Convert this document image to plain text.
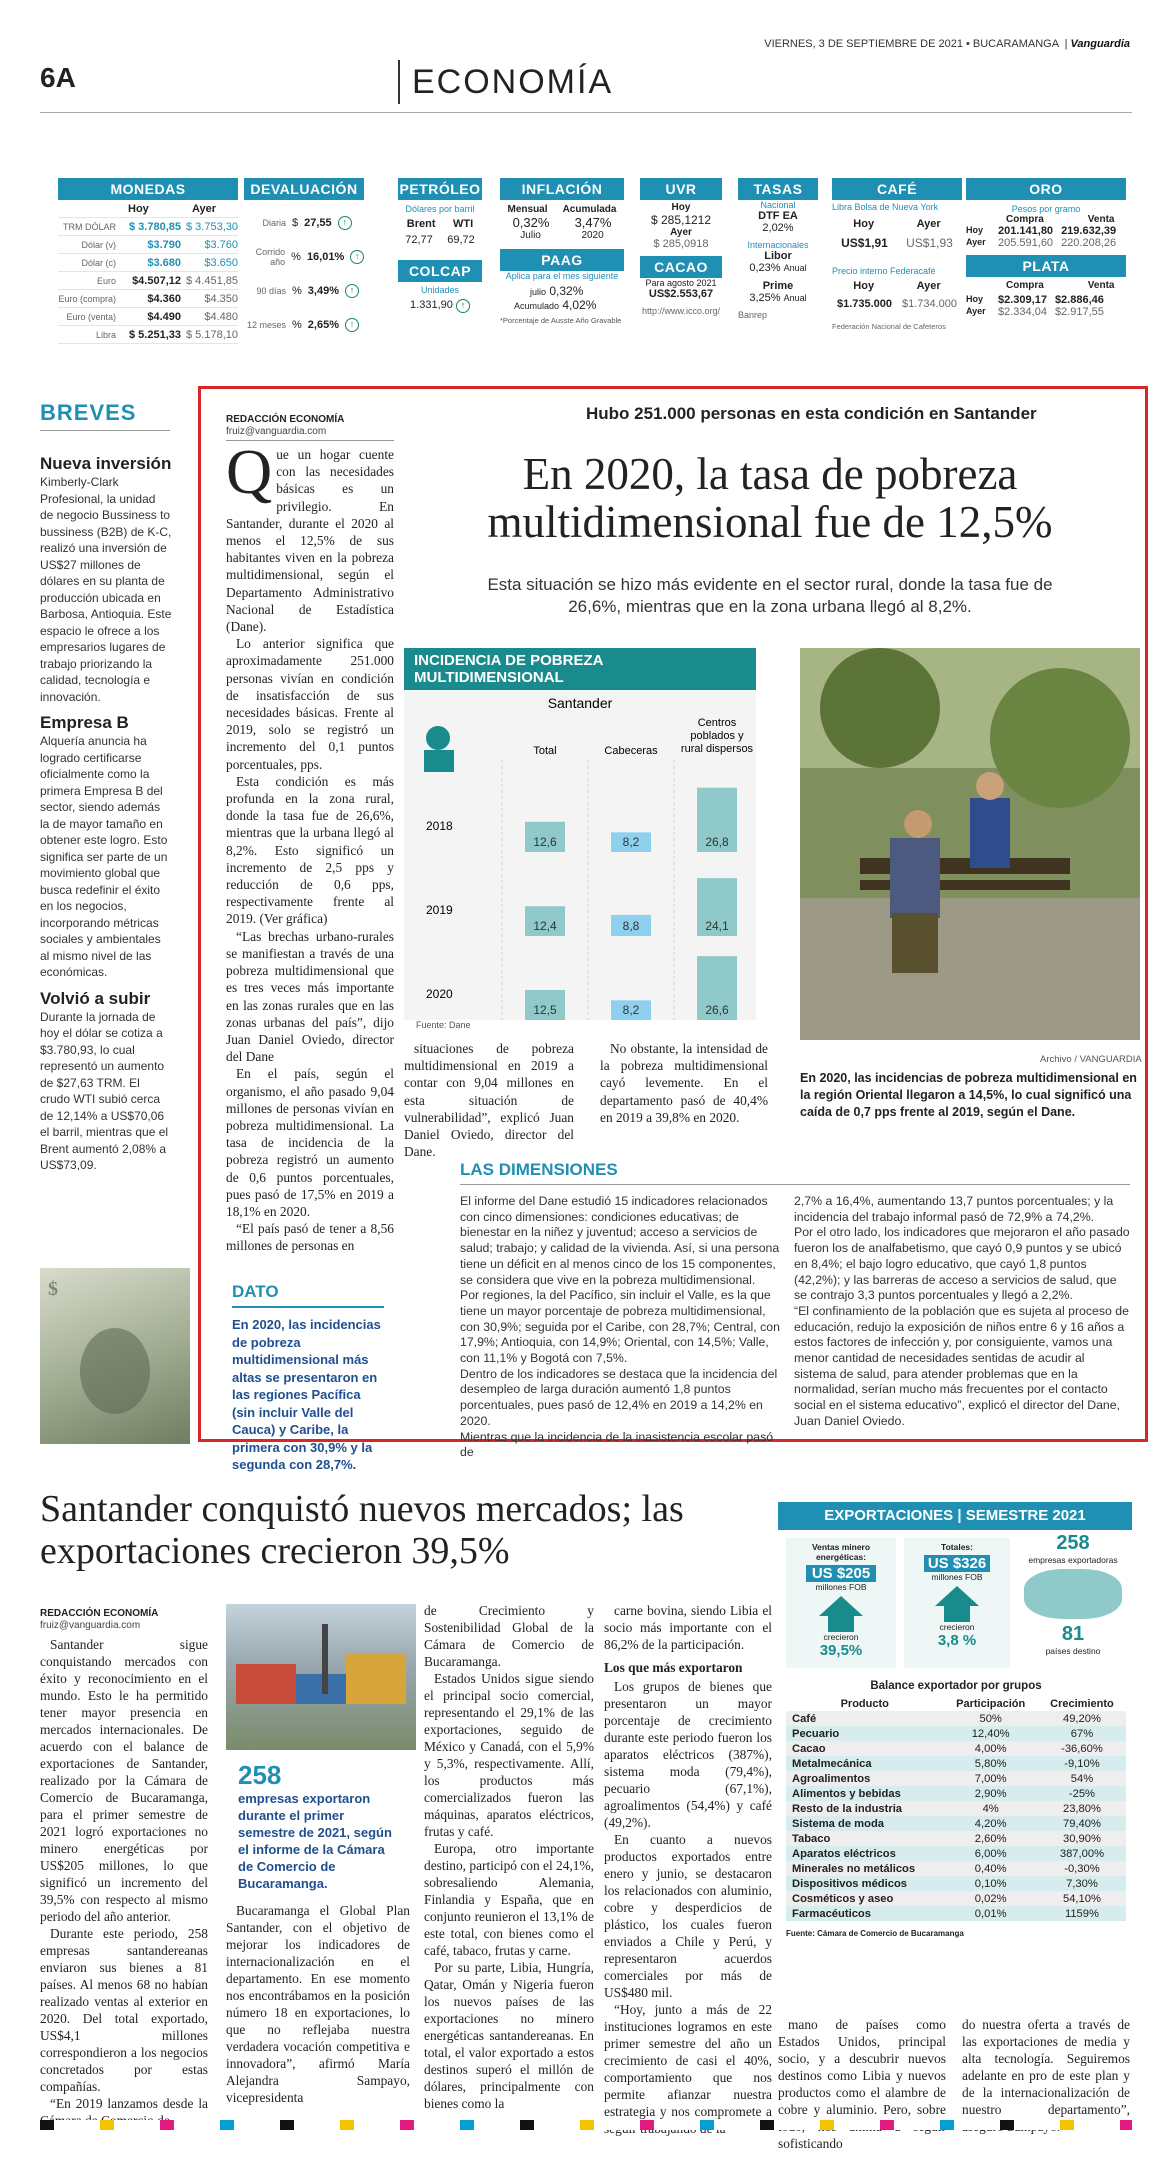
VIERNES, 3 DE SEPTIEMBRE DE 2021 • BUCARAMANGA  | Vanguardia
6A	ECONOMÍA
MONEDAS
Hoy	Ayer
TRM DÓLAR	$ 3.780,85 $ 3.753,30
Dólar (v)	$3.790	$3.760
Dólar (c)	$3.680	$3.650
Euro	$4.507,12 $ 4.451,85
Euro (compra)	$4.360	$4.350
Euro (venta)	$4.490	$4.480
Libra	$ 5.251,33 $ 5.178,10
DEVALUACIÓN
Diaria $ 27,55	↑
Corrido año % 16,01%	↑
90 días % 3,49%	↑
12 meses % 2,65%	↑
PETRÓLEO
Dólares por barril
Brent WTI
72,77 69,72
COLCAP
Unidades
1.331,90 ↑
INFLACIÓN
Mensual Acumulada
0,32% 3,47%
Julio	2020
PAAG
Aplica para el mes siguiente
julio 0,32%
Acumulado 4,02%
*Porcentaje de Ausste Año Gravable
UVR
Hoy
$ 285,1212
Ayer
$ 285,0918
CACAO
Para agosto 2021
US$2.553,67
http://www.icco.org/
TASAS
Nacional
DTF EA
2,02%
Internacionales
Libor
0,23% Anual
Prime
3,25% Anual
Banrep
CAFÉ
Libra Bolsa de Nueva York
Hoy	Ayer
US$1,91 US$1,93
Precio interno Federacafé
Hoy	Ayer
$1.735.000 $1.734.000
Federación Nacional de Cafeteros
ORO
Pesos por gramo
Compra	Venta
Hoy	201.141,80 219.632,39
Ayer	205.591,60 220.208,26
PLATA
Compra	Venta
Hoy	$2.309,17 $2.886,46
Ayer	$2.334,04 $2.917,55
BREVES
Nueva inversión

Kimberly-Clark Profesional, la unidad de negocio Bussiness to bussiness (B2B) de K-C, realizó una inversión de US$27 millones de dólares en su planta de producción ubicada en Barbosa, Antioquia. Este espacio le ofrece a los empresarios lugares de trabajo priorizando la calidad, tecnología e innovación.

Empresa B

Alquería anuncia ha logrado certificarse oficialmente como la primera Empresa B del sector, siendo además la de mayor tamaño en obtener este logro. Esto significa ser parte de un movimiento global que busca redefinir el éxito en los negocios, incorporando métricas sociales y ambientales al mismo nivel de las económicas.

Volvió a subir

Durante la jornada de hoy el dólar se cotiza a $3.780,93, lo cual representó un aumento de $27,63 TRM. El crudo WTI subió cerca de 12,14% a US$70,06 el barril, mientras que el Brent aumentó 2,08% a US$73,09.

$
REDACCIÓN ECONOMÍA
fruiz@vanguardia.com
Hubo 251.000 personas en esta condición en Santander
En 2020, la tasa de pobreza multidimensional fue de 12,5%
Esta situación se hizo más evidente en el sector rural, donde la tasa fue de 26,6%, mientras que en la zona urbana llegó al 8,2%.
Q ue un hogar cuente con las necesidades básicas es un privilegio. En Santander, durante el 2020 al menos el 12,5% de sus habitantes viven en la pobreza multidimensional, según el Departamento Administrativo Nacional de Estadística (Dane).

Lo anterior significa que aproximadamente 251.000 personas vivían en condición de insatisfacción de sus necesidades básicas. Frente al 2019, solo se registró un incremento del 0,1 puntos porcentuales, pps.

Esta condición es más profunda en la zona rural, donde la tasa fue de 26,6%, mientras que la urbana llegó al 8,2%. Esto significó un incremento de 2,5 pps y reducción de 0,6 pps, respectivamente frente al 2019. (Ver gráfica)

“Las brechas urbano-rurales se manifiestan a través de una pobreza multidimensional que es tres veces más importante en las zonas rurales que en las zonas urbanas del país”, dijo Juan Daniel Oviedo, director del Dane

En el país, según el organismo, el año pasado 9,04 millones de personas vivían en pobreza multidimensional. La tasa de incidencia de la pobreza registró un aumento de 0,6 puntos porcentuales, pues pasó de 17,5% en 2019 a 18,1% en 2020.

“El país pasó de tener a 8,56 millones de personas en

situaciones de pobreza multidimensional en 2019 a contar con 9,04 millones en esta situación de vulnerabilidad”, explicó Juan Daniel Oviedo, director del Dane.

No obstante, la intensidad de la pobreza multidimensional cayó levemente. En el departamento pasó de 40,4% en 2019 a 39,8% en 2020.

INCIDENCIA DE POBREZA MULTIDIMENSIONAL
Santander
Total	Cabeceras
Centros
poblados y
rural dispersos
2018
12,6	8,2	26,8
2019
12,4	8,8	24,1
2020
12,5	8,2	26,6
Fuente: Dane
Archivo / VANGUARDIA
En 2020, las incidencias de pobreza multidimensional en la región Oriental llegaron a 14,5%, lo cual significó una caída de 0,7 pps frente al 2019, según el Dane.
DATO

En 2020, las incidencias de pobreza multidimensional más altas se presentaron en las regiones Pacífica (sin incluir Valle del Cauca) y Caribe, la primera con 30,9% y la segunda con 28,7%.

LAS DIMENSIONES

El informe del Dane estudió 15 indicadores relacionados con cinco dimensiones: condiciones educativas; de bienestar en la niñez y juventud; acceso a servicios de salud; trabajo; y calidad de la vivienda. Así, si una persona tiene un déficit en al menos cinco de los 15 componentes, se considera que vive en la pobreza multidimensional.

Por regiones, la del Pacífico, sin incluir el Valle, es la que tiene un mayor porcentaje de pobreza multidimensional, con 30,9%; seguida por el Caribe, con 28,7%; Central, con 17,9%; Antioquia, con 14,9%; Oriental, con 14,5%; Valle, con 11,1% y Bogotá con 7,5%.

Dentro de los indicadores se destaca que la incidencia del desempleo de larga duración aumentó 1,8 puntos porcentuales, pues pasó de 12,4% en 2019 a 14,2% en 2020.

Mientras que la incidencia de la inasistencia escolar pasó de

2,7% a 16,4%, aumentando 13,7 puntos porcentuales; y la incidencia del trabajo informal pasó de 72,9% a 74,2%.

Por el otro lado, los indicadores que mejoraron el año pasado fueron los de analfabetismo, que cayó 0,9 puntos y se ubicó en 8,4%; el bajo logro educativo, que cayó 1,8 puntos (42,2%); y las barreras de acceso a servicios de salud, que se contrajo 3,3 puntos porcentuales y llegó a 2,2%.

“El confinamiento de la población que es sujeta al proceso de educación, redujo la exposición de niños entre 6 y 16 años a estos factores de infección y, por consiguiente, vamos una menor cantidad de necesidades sentidas de acudir al sistema de salud, para atender problemas que en la normalidad, serían mucho más frecuentes por el contacto social en el sistema educativo”, explicó el director del Dane, Juan Daniel Oviedo.

Santander conquistó nuevos mercados; las exportaciones crecieron 39,5%
REDACCIÓN ECONOMÍA
fruiz@vanguardia.com

Santander sigue conquistando mercados con éxito y reconocimiento en el mundo. Esto le ha permitido tener mayor presencia en mercados internacionales. De acuerdo con el balance de exportaciones de Santander, realizado por la Cámara de Comercio de Bucaramanga, para el primer semestre de 2021 logró exportaciones no minero energéticas por US$205 millones, lo que significó un incremento del 39,5% con respecto al mismo periodo del año anterior.

Durante este periodo, 258 empresas santandereanas enviaron sus bienes a 81 países. Al menos 68 no habían realizado ventas al exterior en 2020. Del total exportado, US$4,1 millones correspondieron a los negocios concretados por estas compañías.

“En 2019 lanzamos desde la

258
empresas exportaron durante el primer semestre de 2021, según el informe de la Cámara de Comercio de Bucaramanga.

Bucaramanga el Global Plan Santander, con el objetivo de mejorar los indicadores de internacionalización en el departamento. En ese momento nos encontrábamos en la posición número 18 en exportaciones, lo que no reflejaba nuestra verdadera vocación competitiva e innovadora”, afirmó María Alejandra Sampayo, vicepresidenta

de Crecimiento y Sostenibilidad Global de la Cámara de Comercio de Bucaramanga.

Estados Unidos sigue siendo el principal socio comercial, representando el 29,1% de las exportaciones, seguido de México y Canadá, con el 5,9% y 5,3%, respectivamente. Allí, los productos más comercializados fueron las máquinas, aparatos eléctricos, frutas y café.

Europa, otro importante destino, participó con el 24,1%, sobresaliendo Alemania, Finlandia y España, que en conjunto reunieron el 13,1% de este total, con bienes como el café, tabaco, frutas y carne.

Por su parte, Libia, Hungría, Qatar, Omán y Nigeria fueron los nuevos países de las exportaciones no minero energéticas santandereanas. En total, el valor exportado a estos destinos superó el millón de dólares, principalmente con bienes como la

carne bovina, siendo Libia el socio más importante con el 86,2% de la participación.

Los que más exportaron

Los grupos de bienes que presentaron un mayor porcentaje de crecimiento durante este periodo fueron los aparatos eléctricos (387%), sistema moda (79,4%), pecuario (67,1%), agroalimentos (54,4%) y café (49,2%).

En cuanto a nuevos productos exportados entre enero y junio, se destacaron los relacionados con aluminio, cobre y desperdicios de plástico, los cuales fueron enviados a Chile y Perú, y representaron acuerdos comerciales por más de US$480 mil.

“Hoy, junto a más de 22 instituciones logramos en este primer semestre del año un crecimiento de casi el 40%, comportamiento que nos permite afianzar nuestra estrategia y nos compromete a

mano de países como Estados Unidos, principal socio, y a descubrir nuevos destinos como Libia y nuevos productos como el alambre de cobre y aluminio. Pero, sobre sofisticando

do nuestra oferta a través de las exportaciones de media y alta tecnología. Seguiremos adelante en pro de este plan y de la internacionalización de nuestro departamento”,

EXPORTACIONES | SEMESTRE 2021
Ventas minero energéticas:
US $205
millones FOB
crecieron
39,5%
Totales:
US $326
millones FOB
crecieron
3,8 %
258
empresas exportadoras
81
países destino
Balance exportador por grupos
Producto	Participación	Crecimiento
Café	50%	49,20%
Pecuario	12,40%	67%
Cacao	4,00%	-36,60%
Metalmecánica	5,80%	-9,10%
Agroalimentos	7,00%	54%
Alimentos y bebidas	2,90%	-25%
Resto de la industria	4%	23,80%
Sistema de moda	4,20%	79,40%
Tabaco	2,60%	30,90%
Aparatos eléctricos	6,00%	387,00%
Minerales no metálicos	0,40%	-0,30%
Dispositivos médicos	0,10%	7,30%
Cosméticos y aseo	0,02%	54,10%
Farmacéuticos	0,01%	1159%
Fuente: Cámara de Comercio de Bucaramanga
